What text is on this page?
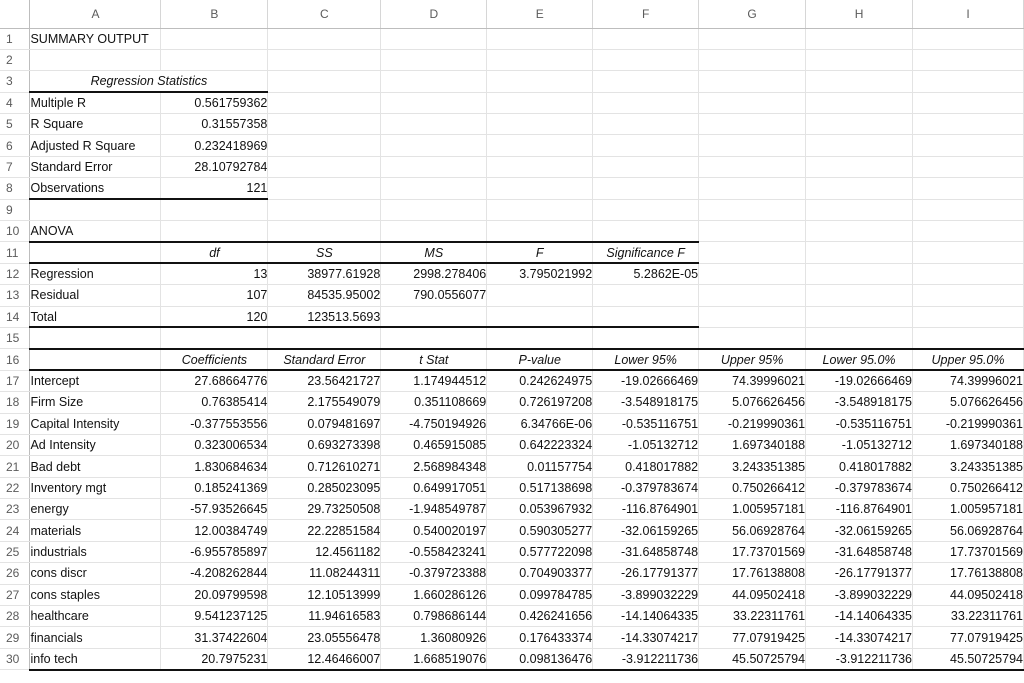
	A	B	C	D	E	F	G	H	I
1	SUMMARY OUTPUT								
2									
3	Regression Statistics								
4	Multiple R	0.561759362							
5	R Square	0.31557358							
6	Adjusted R Square	0.232418969							
7	Standard Error	28.10792784							
8	Observations	121							
9									
10	ANOVA								
11		df	SS	MS	F	Significance F			
12	Regression	13	38977.61928	2998.278406	3.795021992	5.2862E-05			
13	Residual	107	84535.95002	790.0556077					
14	Total	120	123513.5693						
15									
16		Coefficients	Standard Error	t Stat	P-value	Lower 95%	Upper 95%	Lower 95.0%	Upper 95.0%
17	Intercept	27.68664776	23.56421727	1.174944512	0.242624975	-19.02666469	74.39996021	-19.02666469	74.39996021
18	Firm Size	0.76385414	2.175549079	0.351108669	0.726197208	-3.548918175	5.076626456	-3.548918175	5.076626456
19	Capital Intensity	-0.377553556	0.079481697	-4.750194926	6.34766E-06	-0.535116751	-0.219990361	-0.535116751	-0.219990361
20	Ad Intensity	0.323006534	0.693273398	0.465915085	0.642223324	-1.05132712	1.697340188	-1.05132712	1.697340188
21	Bad debt	1.830684634	0.712610271	2.568984348	0.01157754	0.418017882	3.243351385	0.418017882	3.243351385
22	Inventory mgt	0.185241369	0.285023095	0.649917051	0.517138698	-0.379783674	0.750266412	-0.379783674	0.750266412
23	energy	-57.93526645	29.73250508	-1.948549787	0.053967932	-116.8764901	1.005957181	-116.8764901	1.005957181
24	materials	12.00384749	22.22851584	0.540020197	0.590305277	-32.06159265	56.06928764	-32.06159265	56.06928764
25	industrials	-6.955785897	12.4561182	-0.558423241	0.577722098	-31.64858748	17.73701569	-31.64858748	17.73701569
26	cons discr	-4.208262844	11.08244311	-0.379723388	0.704903377	-26.17791377	17.76138808	-26.17791377	17.76138808
27	cons staples	20.09799598	12.10513999	1.660286126	0.099784785	-3.899032229	44.09502418	-3.899032229	44.09502418
28	healthcare	9.541237125	11.94616583	0.798686144	0.426241656	-14.14064335	33.22311761	-14.14064335	33.22311761
29	financials	31.37422604	23.05556478	1.36080926	0.176433374	-14.33074217	77.07919425	-14.33074217	77.07919425
30	info tech	20.7975231	12.46466007	1.668519076	0.098136476	-3.912211736	45.50725794	-3.912211736	45.50725794
